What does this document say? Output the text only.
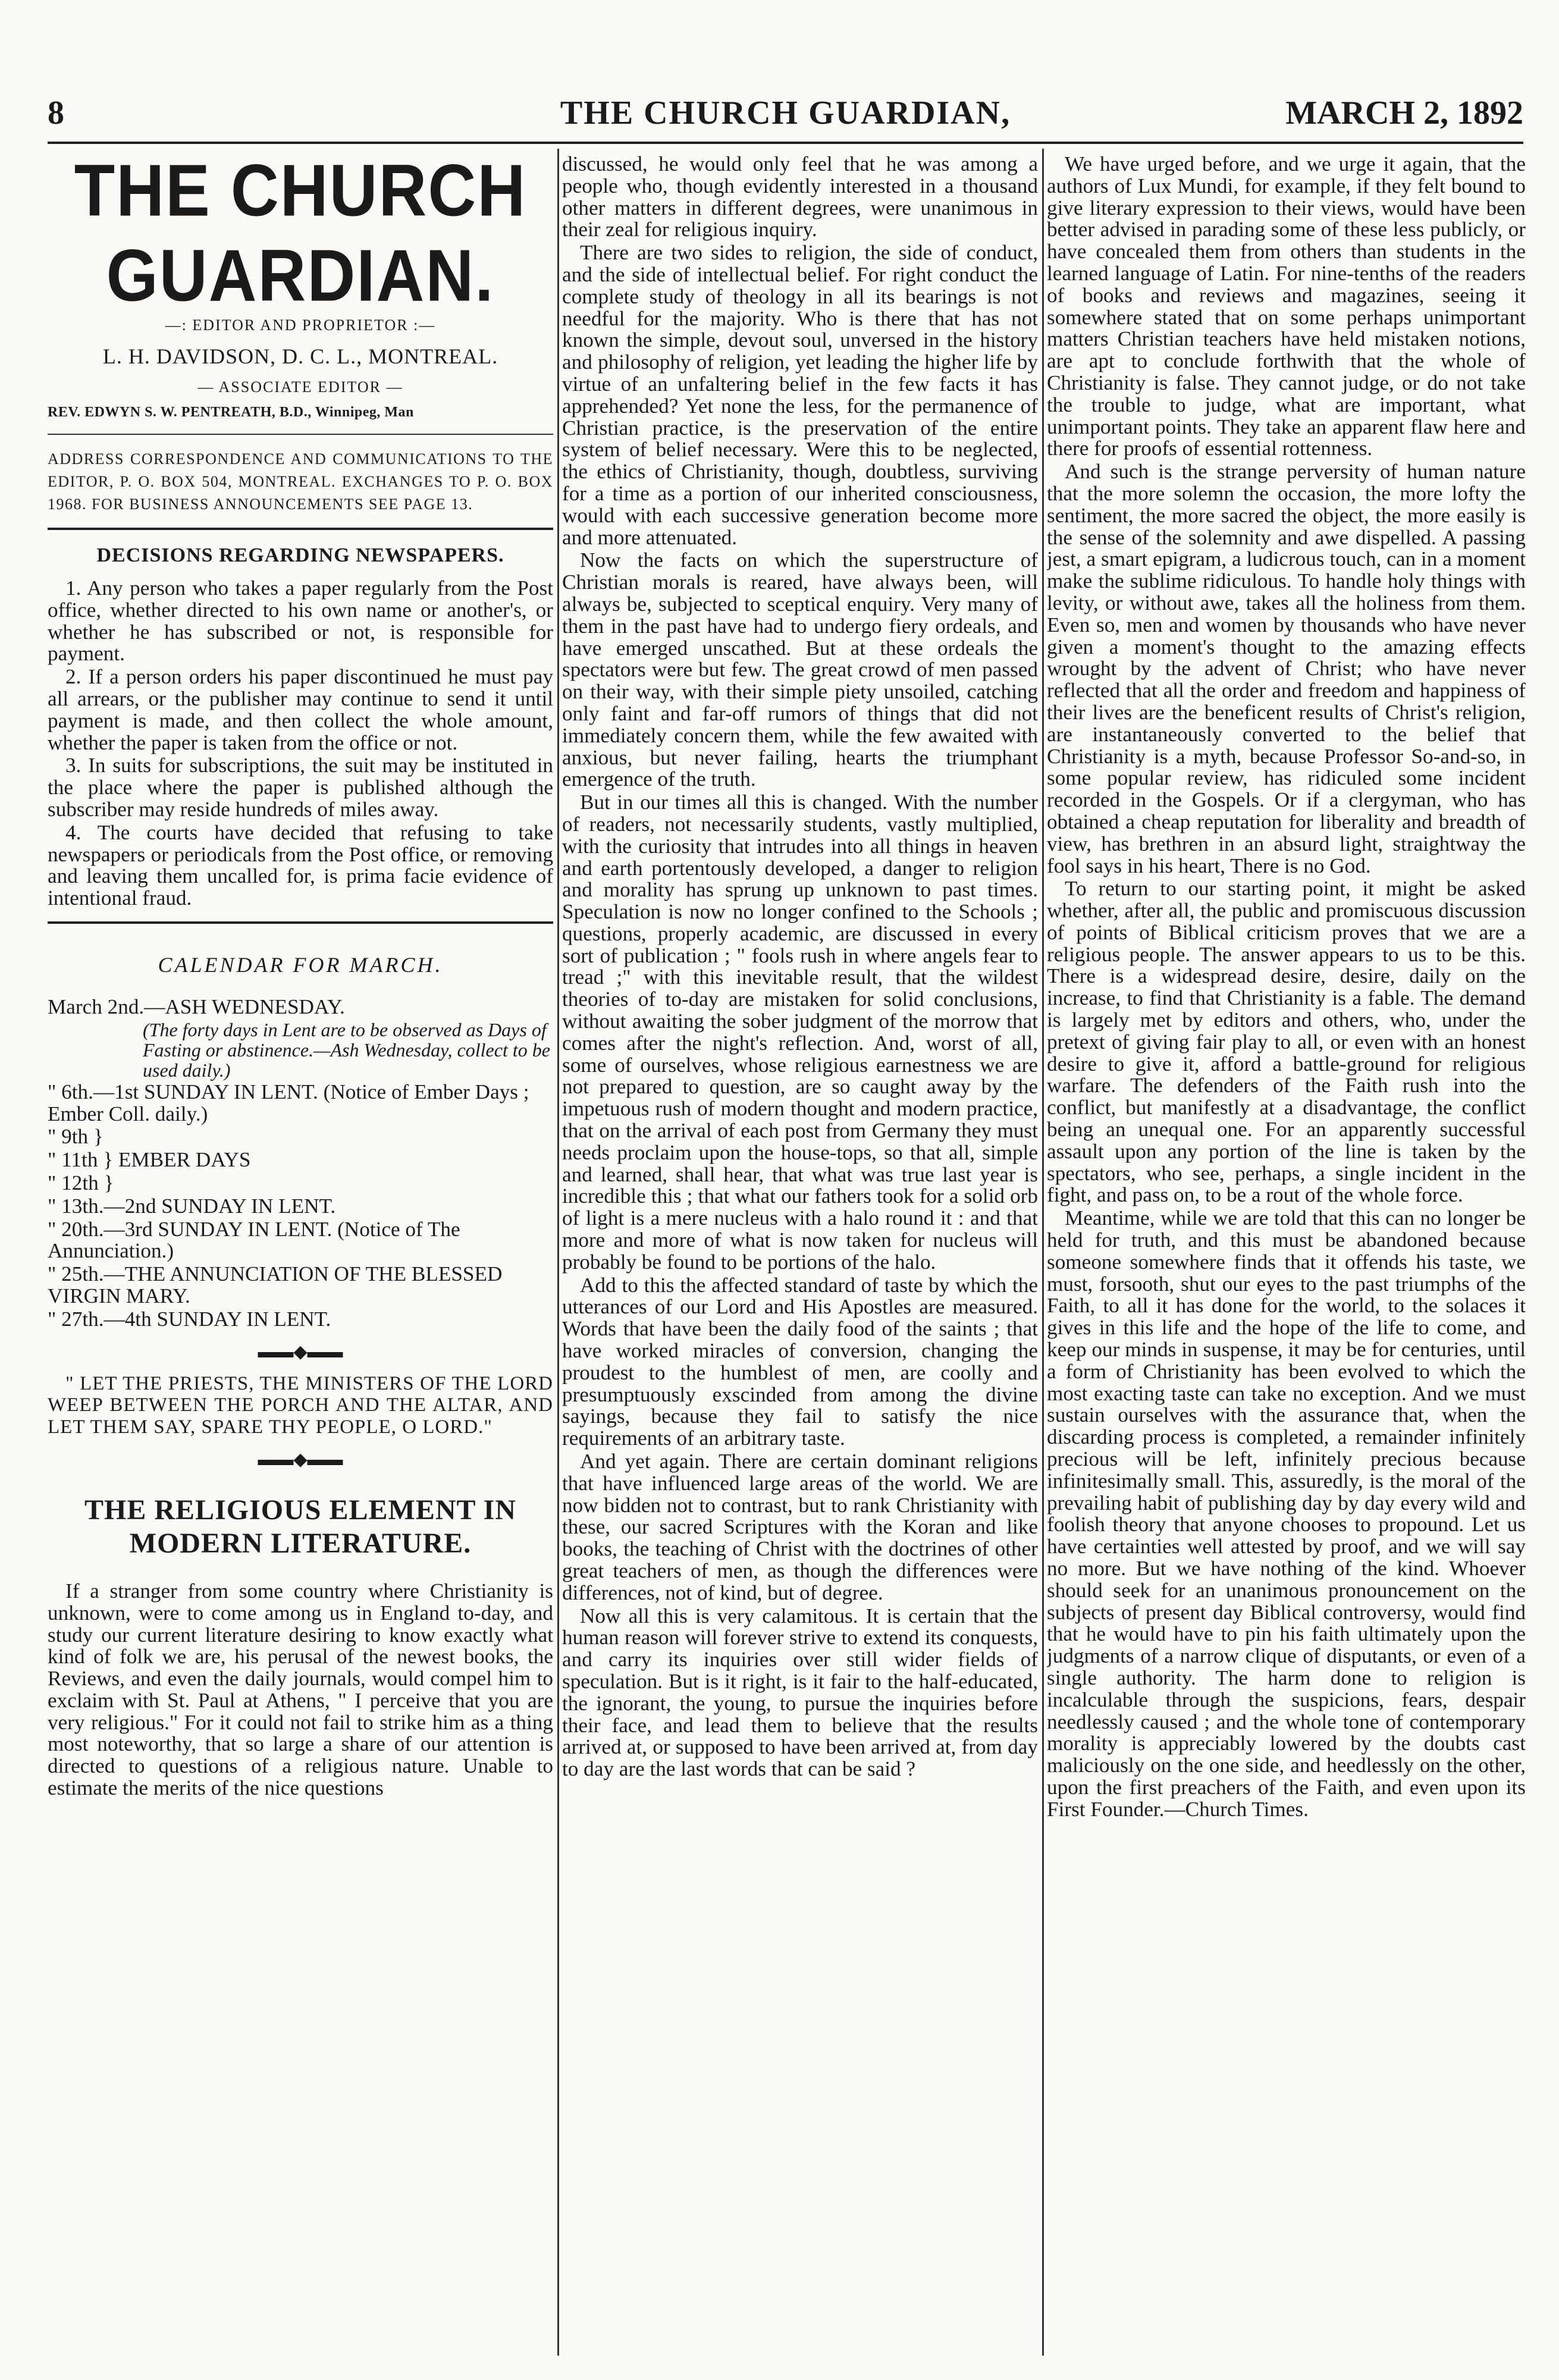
8	THE CHURCH GUARDIAN,	MARCH 2, 1892
THE CHURCH GUARDIAN.
—: EDITOR AND PROPRIETOR :—
L. H. DAVIDSON, D. C. L., MONTREAL.
— ASSOCIATE EDITOR —
REV. EDWYN S. W. PENTREATH, B.D., Winnipeg, Man
ADDRESS CORRESPONDENCE AND COMMUNICATIONS TO THE EDITOR, P. O. BOX 504, MONTREAL. EXCHANGES TO P. O. BOX 1968. FOR BUSINESS ANNOUNCEMENTS SEE PAGE 13.
DECISIONS REGARDING NEWSPAPERS.

1. Any person who takes a paper regularly from the Post office, whether directed to his own name or another's, or whether he has subscribed or not, is responsible for payment.

2. If a person orders his paper discontinued he must pay all arrears, or the publisher may continue to send it until payment is made, and then collect the whole amount, whether the paper is taken from the office or not.

3. In suits for subscriptions, the suit may be instituted in the place where the paper is published although the subscriber may reside hundreds of miles away.

4. The courts have decided that refusing to take newspapers or periodicals from the Post office, or removing and leaving them uncalled for, is prima facie evidence of intentional fraud.

CALENDAR FOR MARCH.

March 2nd.—ASH WEDNESDAY.

(The forty days in Lent are to be observed as Days of Fasting or abstinence.—Ash Wednesday, collect to be used daily.)

" 6th.—1st SUNDAY IN LENT. (Notice of Ember Days ; Ember Coll. daily.)

" 9th }

" 11th } EMBER DAYS

" 12th }

" 13th.—2nd SUNDAY IN LENT.

" 20th.—3rd SUNDAY IN LENT. (Notice of The Annunciation.)

" 25th.—THE ANNUNCIATION OF THE BLESSED VIRGIN MARY.

" 27th.—4th SUNDAY IN LENT.

▬▬◆▬▬

" LET THE PRIESTS, THE MINISTERS OF THE LORD WEEP BETWEEN THE PORCH AND THE ALTAR, AND LET THEM SAY, SPARE THY PEOPLE, O LORD."

▬▬◆▬▬
THE RELIGIOUS ELEMENT IN MODERN LITERATURE.

If a stranger from some country where Christianity is unknown, were to come among us in England to-day, and study our current literature desiring to know exactly what kind of folk we are, his perusal of the newest books, the Reviews, and even the daily journals, would compel him to exclaim with St. Paul at Athens, " I perceive that you are very religious." For it could not fail to strike him as a thing most noteworthy, that so large a share of our attention is directed to questions of a religious nature. Unable to estimate the merits of the nice questions

discussed, he would only feel that he was among a people who, though evidently interested in a thousand other matters in different degrees, were unanimous in their zeal for religious inquiry.

There are two sides to religion, the side of conduct, and the side of intellectual belief. For right conduct the complete study of theology in all its bearings is not needful for the majority. Who is there that has not known the simple, devout soul, unversed in the history and philosophy of religion, yet leading the higher life by virtue of an unfaltering belief in the few facts it has apprehended? Yet none the less, for the permanence of Christian practice, is the preservation of the entire system of belief necessary. Were this to be neglected, the ethics of Christianity, though, doubtless, surviving for a time as a portion of our inherited consciousness, would with each successive generation become more and more attenuated.

Now the facts on which the superstructure of Christian morals is reared, have always been, will always be, subjected to sceptical enquiry. Very many of them in the past have had to undergo fiery ordeals, and have emerged unscathed. But at these ordeals the spectators were but few. The great crowd of men passed on their way, with their simple piety unsoiled, catching only faint and far-off rumors of things that did not immediately concern them, while the few awaited with anxious, but never failing, hearts the triumphant emergence of the truth.

But in our times all this is changed. With the number of readers, not necessarily students, vastly multiplied, with the curiosity that intrudes into all things in heaven and earth portentously developed, a danger to religion and morality has sprung up unknown to past times. Speculation is now no longer confined to the Schools ; questions, properly academic, are discussed in every sort of publication ; " fools rush in where angels fear to tread ;" with this inevitable result, that the wildest theories of to-day are mistaken for solid conclusions, without awaiting the sober judgment of the morrow that comes after the night's reflection. And, worst of all, some of ourselves, whose religious earnestness we are not prepared to question, are so caught away by the impetuous rush of modern thought and modern practice, that on the arrival of each post from Germany they must needs proclaim upon the house-tops, so that all, simple and learned, shall hear, that what was true last year is incredible this ; that what our fathers took for a solid orb of light is a mere nucleus with a halo round it : and that more and more of what is now taken for nucleus will probably be found to be portions of the halo.

Add to this the affected standard of taste by which the utterances of our Lord and His Apostles are measured. Words that have been the daily food of the saints ; that have worked miracles of conversion, changing the proudest to the humblest of men, are coolly and presumptuously exscinded from among the divine sayings, because they fail to satisfy the nice requirements of an arbitrary taste.

And yet again. There are certain dominant religions that have influenced large areas of the world. We are now bidden not to contrast, but to rank Christianity with these, our sacred Scriptures with the Koran and like books, the teaching of Christ with the doctrines of other great teachers of men, as though the differences were differences, not of kind, but of degree.

Now all this is very calamitous. It is certain that the human reason will forever strive to extend its conquests, and carry its inquiries over still wider fields of speculation. But is it right, is it fair to the half-educated, the ignorant, the young, to pursue the inquiries before their face, and lead them to believe that the results arrived at, or supposed to have been arrived at, from day to day are the last words that can be said ?

We have urged before, and we urge it again, that the authors of Lux Mundi, for example, if they felt bound to give literary expression to their views, would have been better advised in parading some of these less publicly, or have concealed them from others than students in the learned language of Latin. For nine-tenths of the readers of books and reviews and magazines, seeing it somewhere stated that on some perhaps unimportant matters Christian teachers have held mistaken notions, are apt to conclude forthwith that the whole of Christianity is false. They cannot judge, or do not take the trouble to judge, what are important, what unimportant points. They take an apparent flaw here and there for proofs of essential rottenness.

And such is the strange perversity of human nature that the more solemn the occasion, the more lofty the sentiment, the more sacred the object, the more easily is the sense of the solemnity and awe dispelled. A passing jest, a smart epigram, a ludicrous touch, can in a moment make the sublime ridiculous. To handle holy things with levity, or without awe, takes all the holiness from them. Even so, men and women by thousands who have never given a moment's thought to the amazing effects wrought by the advent of Christ; who have never reflected that all the order and freedom and happiness of their lives are the beneficent results of Christ's religion, are instantaneously converted to the belief that Christianity is a myth, because Professor So-and-so, in some popular review, has ridiculed some incident recorded in the Gospels. Or if a clergyman, who has obtained a cheap reputation for liberality and breadth of view, has brethren in an absurd light, straightway the fool says in his heart, There is no God.

To return to our starting point, it might be asked whether, after all, the public and promiscuous discussion of points of Biblical criticism proves that we are a religious people. The answer appears to us to be this. There is a widespread desire, desire, daily on the increase, to find that Christianity is a fable. The demand is largely met by editors and others, who, under the pretext of giving fair play to all, or even with an honest desire to give it, afford a battle-ground for religious warfare. The defenders of the Faith rush into the conflict, but manifestly at a disadvantage, the conflict being an unequal one. For an apparently successful assault upon any portion of the line is taken by the spectators, who see, perhaps, a single incident in the fight, and pass on, to be a rout of the whole force.

Meantime, while we are told that this can no longer be held for truth, and this must be abandoned because someone somewhere finds that it offends his taste, we must, forsooth, shut our eyes to the past triumphs of the Faith, to all it has done for the world, to the solaces it gives in this life and the hope of the life to come, and keep our minds in suspense, it may be for centuries, until a form of Christianity has been evolved to which the most exacting taste can take no exception. And we must sustain ourselves with the assurance that, when the discarding process is completed, a remainder infinitely precious will be left, infinitely precious because infinitesimally small. This, assuredly, is the moral of the prevailing habit of publishing day by day every wild and foolish theory that anyone chooses to propound. Let us have certainties well attested by proof, and we will say no more. But we have nothing of the kind. Whoever should seek for an unanimous pronouncement on the subjects of present day Biblical controversy, would find that he would have to pin his faith ultimately upon the judgments of a narrow clique of disputants, or even of a single authority. The harm done to religion is incalculable through the suspicions, fears, despair needlessly caused ; and the whole tone of contemporary morality is appreciably lowered by the doubts cast maliciously on the one side, and heedlessly on the other, upon the first preachers of the Faith, and even upon its First Founder.—Church Times.
